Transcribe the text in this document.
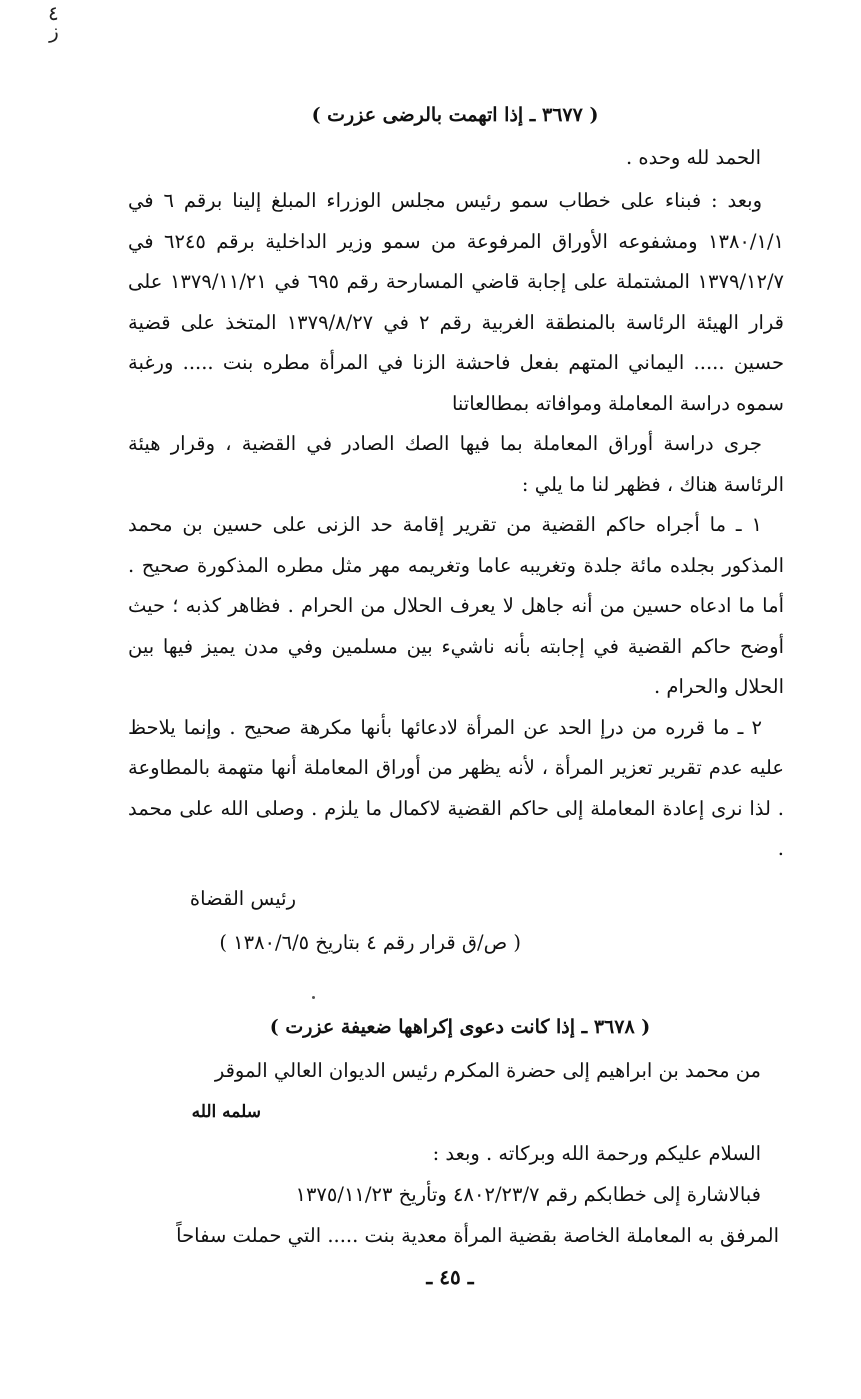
٤
ز
( ٣٦٧٧ ـ إذا اتهمت بالرضى عزرت )
الحمد لله وحده .

وبعد : فبناء على خطاب سمو رئيس مجلس الوزراء المبلغ إلينا برقم ٦ في ١٣٨٠/١/١ ومشفوعه الأوراق المرفوعة من سمو وزير الداخلية برقم ٦٢٤٥ في ١٣٧٩/١٢/٧ المشتملة على إجابة قاضي المسارحة رقم ٦٩٥ في ١٣٧٩/١١/٢١ على قرار الهيئة الرئاسة بالمنطقة الغربية رقم ٢ في ١٣٧٩/٨/٢٧ المتخذ على قضية حسين ..... اليماني المتهم بفعل فاحشة الزنا في المرأة مطره بنت ..... ورغبة سموه دراسة المعاملة وموافاته بمطالعاتنا

جرى دراسة أوراق المعاملة بما فيها الصك الصادر في القضية ، وقرار هيئة الرئاسة هناك ، فظهر لنا ما يلي :

١ ـ ما أجراه حاكم القضية من تقرير إقامة حد الزنى على حسين بن محمد المذكور بجلده مائة جلدة وتغريبه عاما وتغريمه مهر مثل مطره المذكورة صحيح . أما ما ادعاه حسين من أنه جاهل لا يعرف الحلال من الحرام . فظاهر كذبه ؛ حيث أوضح حاكم القضية في إجابته بأنه ناشيء بين مسلمين وفي مدن يميز فيها بين الحلال والحرام .

٢ ـ ما قرره من درإ الحد عن المرأة لادعائها بأنها مكرهة صحيح . وإنما يلاحظ عليه عدم تقرير تعزير المرأة ، لأنه يظهر من أوراق المعاملة أنها متهمة بالمطاوعة . لذا نرى إعادة المعاملة إلى حاكم القضية لاكمال ما يلزم . وصلى الله على محمد .

رئيس القضاة
( ص/ق قرار رقم ٤ بتاريخ ١٣٨٠/٦/٥ )
( ٣٦٧٨ ـ إذا كانت دعوى إكراهها ضعيفة عزرت )
من محمد بن ابراهيم إلى حضرة المكرم رئيس الديوان العالي الموقر
سلمه الله
السلام عليكم ورحمة الله وبركاته . وبعد :
فبالاشارة إلى خطابكم رقم ٤٨٠٢/٢٣/٧ وتأريخ ١٣٧٥/١١/٢٣
المرفق به المعاملة الخاصة بقضية المرأة معدية بنت ..... التي حملت سفاحاً
ـ ٤٥ ـ
